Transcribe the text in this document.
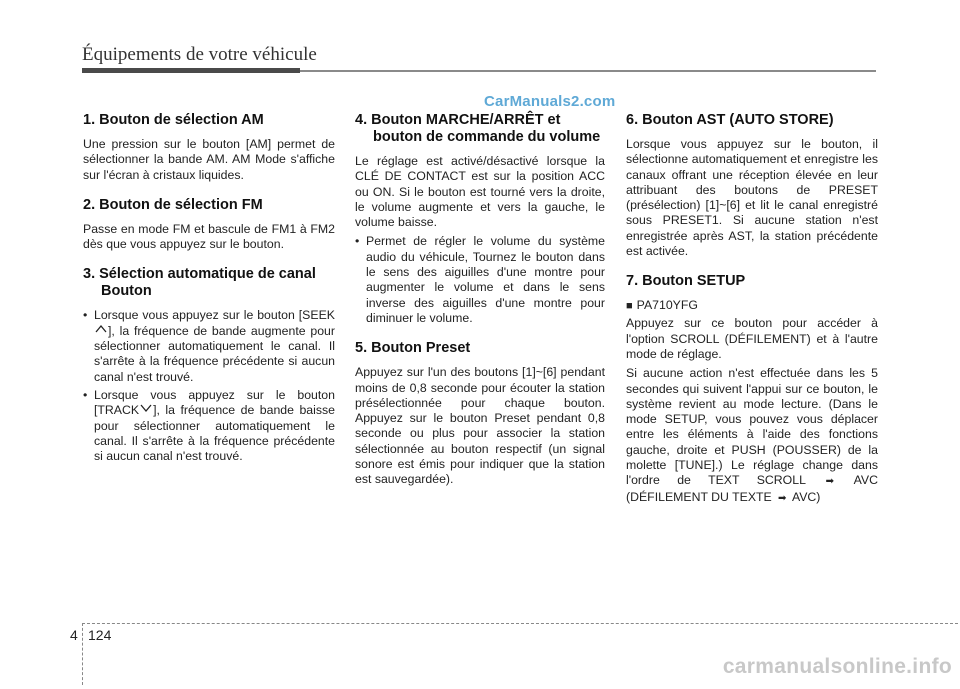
Équipements de votre véhicule
CarManuals2.com
1. Bouton de sélection AM

Une pression sur le bouton [AM] permet de sélectionner la bande AM. AM Mode s'affiche sur l'écran à cristaux liquides.

2. Bouton de sélection FM

Passe en mode FM et bascule de FM1 à FM2 dès que vous appuyez sur le bouton.

3. Sélection automatique de canal Bouton
• Lorsque vous appuyez sur le bouton [SEEK], la fréquence de bande augmente pour sélectionner automatiquement le canal. Il s'arrête à la fréquence précédente si aucun canal n'est trouvé.
• Lorsque vous appuyez sur le bouton [TRACK ], la fréquence de bande baisse pour sélectionner automatiquement le canal. Il s'arrête à la fréquence précédente si aucun canal n'est trouvé.
4. Bouton MARCHE/ARRÊT et bouton de commande du volume

Le réglage est activé/désactivé lorsque la CLÉ DE CONTACT est sur la position ACC ou ON. Si le bouton est tourné vers la droite, le volume augmente et vers la gauche, le volume baisse.

• Permet de régler le volume du système audio du véhicule, Tournez le bouton dans le sens des aiguilles d'une montre pour augmenter le volume et dans le sens inverse des aiguilles d'une montre pour diminuer le volume.
5. Bouton Preset

Appuyez sur l'un des boutons [1]~[6] pendant moins de 0,8 seconde pour écouter la station présélectionnée pour chaque bouton. Appuyez sur le bouton Preset pendant 0,8 seconde ou plus pour associer la station sélectionnée au bouton respectif (un signal sonore est émis pour indiquer que la station est sauvegardée).

6. Bouton AST (AUTO STORE)

Lorsque vous appuyez sur le bouton, il sélectionne automatiquement et enregistre les canaux offrant une réception élevée en leur attribuant des boutons de PRESET (présélection) [1]~[6] et lit le canal enregistré sous PRESET1. Si aucune station n'est enregistrée après AST, la station précédente est activée.

7. Bouton SETUP
■ PA710YFG

Appuyez sur ce bouton pour accéder à l'option SCROLL (DÉFILEMENT) et à l'autre mode de réglage.

Si aucune action n'est effectuée dans les 5 secondes qui suivent l'appui sur ce bouton, le système revient au mode lecture. (Dans le mode SETUP, vous pouvez vous déplacer entre les éléments à l'aide des fonctions gauche, droite et PUSH (POUSSER) de la molette [TUNE].) Le réglage change dans l'ordre de TEXT SCROLL ➡ AVC (DÉFILEMENT DU TEXTE ➡ AVC)

4 124
carmanualsonline.info
